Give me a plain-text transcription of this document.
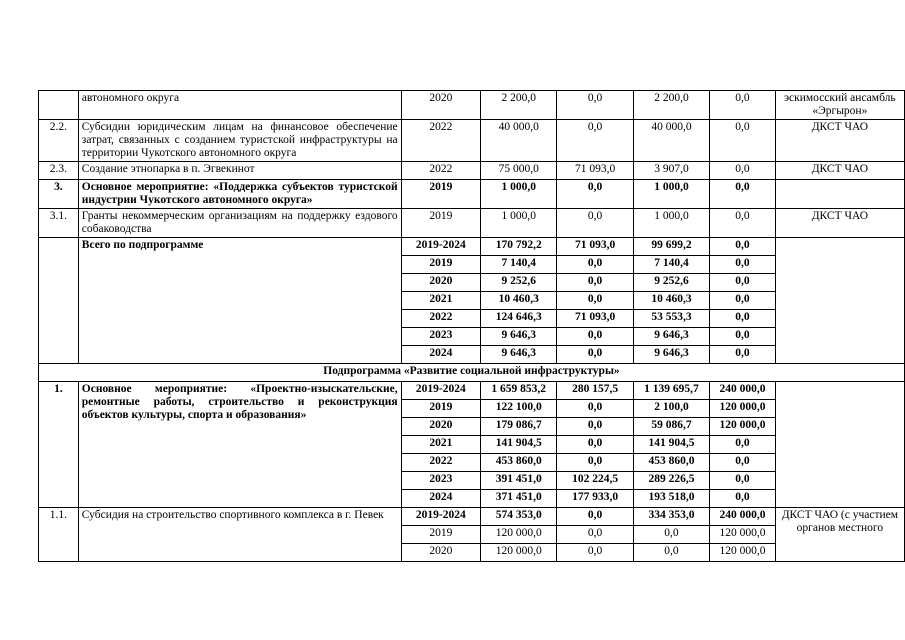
	автономного округа	2020	2 200,0	0,0	2 200,0	0,0	эскимосский ансамбль «Эргырон»
2.2.	Субсидии юридическим лицам на финансовое обеспечение затрат, связанных с созданием туристской инфраструктуры на территории Чукотского автономного округа	2022	40 000,0	0,0	40 000,0	0,0	ДКСТ ЧАО
2.3.	Создание этнопарка в п. Эгвекинот	2022	75 000,0	71 093,0	3 907,0	0,0	ДКСТ ЧАО
3.	Основное мероприятие: «Поддержка субъектов туристской индустрии Чукотского автономного округа»	2019	1 000,0	0,0	1 000,0	0,0	
3.1.	Гранты некоммерческим организациям на поддержку ездового собаководства	2019	1 000,0	0,0	1 000,0	0,0	ДКСТ ЧАО
	Всего по подпрограмме	2019-2024	170 792,2	71 093,0	99 699,2	0,0	
		2019	7 140,4	0,0	7 140,4	0,0	
		2020	9 252,6	0,0	9 252,6	0,0	
		2021	10 460,3	0,0	10 460,3	0,0	
		2022	124 646,3	71 093,0	53 553,3	0,0	
		2023	9 646,3	0,0	9 646,3	0,0	
		2024	9 646,3	0,0	9 646,3	0,0	
Подпрограмма «Развитие социальной инфраструктуры»							
1.	Основное мероприятие: «Проектно-изыскательские, ремонтные работы, строительство и реконструкция объектов культуры, спорта и образования»	2019-2024	1 659 853,2	280 157,5	1 139 695,7	240 000,0	
		2019	122 100,0	0,0	2 100,0	120 000,0	
		2020	179 086,7	0,0	59 086,7	120 000,0	
		2021	141 904,5	0,0	141 904,5	0,0	
		2022	453 860,0	0,0	453 860,0	0,0	
		2023	391 451,0	102 224,5	289 226,5	0,0	
		2024	371 451,0	177 933,0	193 518,0	0,0	
1.1.	Субсидия на строительство спортивного комплекса в г. Певек	2019-2024	574 353,0	0,0	334 353,0	240 000,0	ДКСТ ЧАО (с участием органов местного
		2019	120 000,0	0,0	0,0	120 000,0	
		2020	120 000,0	0,0	0,0	120 000,0	
